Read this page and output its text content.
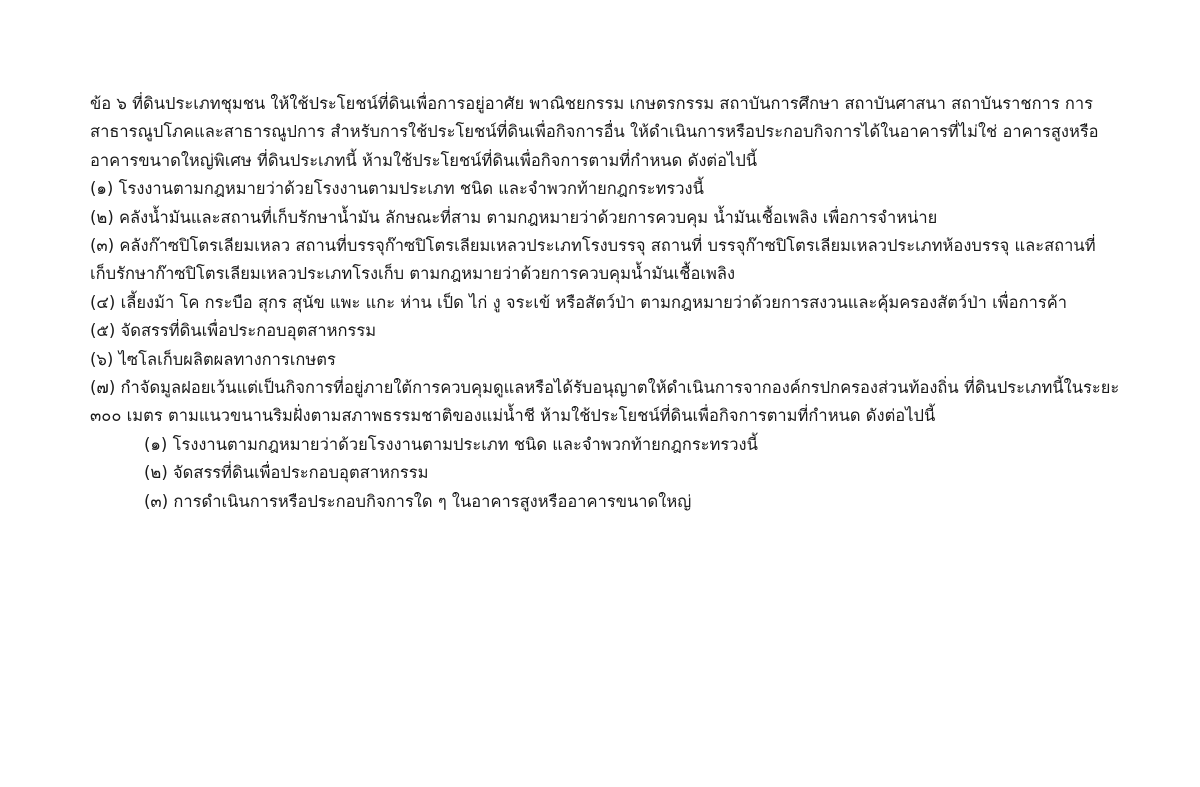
ข้อ ๖ ที่ดินประเภทชุมชน ให้ใช้ประโยชน์ที่ดินเพื่อการอยู่อาศัย พาณิชยกรรม เกษตรกรรม สถาบันการศึกษา สถาบันศาสนา สถาบันราชการ การสาธารณูปโภคและสาธารณูปการ สำหรับการใช้ประโยชน์ที่ดินเพื่อกิจการอื่น ให้ดำเนินการหรือประกอบกิจการได้ในอาคารที่ไม่ใช่ อาคารสูงหรืออาคารขนาดใหญ่พิเศษ ที่ดินประเภทนี้ ห้ามใช้ประโยชน์ที่ดินเพื่อกิจการตามที่กำหนด ดังต่อไปนี้

(๑) โรงงานตามกฎหมายว่าด้วยโรงงานตามประเภท ชนิด และจำพวกท้ายกฎกระทรวงนี้

(๒) คลังน้ำมันและสถานที่เก็บรักษาน้ำมัน ลักษณะที่สาม ตามกฎหมายว่าด้วยการควบคุม น้ำมันเชื้อเพลิง เพื่อการจำหน่าย

(๓) คลังก๊าซปิโตรเลียมเหลว สถานที่บรรจุก๊าซปิโตรเลียมเหลวประเภทโรงบรรจุ สถานที่ บรรจุก๊าซปิโตรเลียมเหลวประเภทห้องบรรจุ และสถานที่เก็บรักษาก๊าซปิโตรเลียมเหลวประเภทโรงเก็บ ตามกฎหมายว่าด้วยการควบคุมน้ำมันเชื้อเพลิง

(๔) เลี้ยงม้า โค กระบือ สุกร สุนัข แพะ แกะ ห่าน เป็ด ไก่ งู จระเข้ หรือสัตว์ป่า ตามกฎหมายว่าด้วยการสงวนและคุ้มครองสัตว์ป่า เพื่อการค้า

(๕) จัดสรรที่ดินเพื่อประกอบอุตสาหกรรม

(๖) ไซโลเก็บผลิตผลทางการเกษตร

(๗) กำจัดมูลฝอยเว้นแต่เป็นกิจการที่อยู่ภายใต้การควบคุมดูแลหรือได้รับอนุญาตให้ดำเนินการจากองค์กรปกครองส่วนท้องถิ่น ที่ดินประเภทนี้ในระยะ ๓๐๐ เมตร ตามแนวขนานริมฝั่งตามสภาพธรรมชาติของแม่น้ำชี ห้ามใช้ประโยชน์ที่ดินเพื่อกิจการตามที่กำหนด ดังต่อไปนี้

(๑) โรงงานตามกฎหมายว่าด้วยโรงงานตามประเภท ชนิด และจำพวกท้ายกฎกระทรวงนี้

(๒) จัดสรรที่ดินเพื่อประกอบอุตสาหกรรม

(๓) การดำเนินการหรือประกอบกิจการใด ๆ ในอาคารสูงหรืออาคารขนาดใหญ่
